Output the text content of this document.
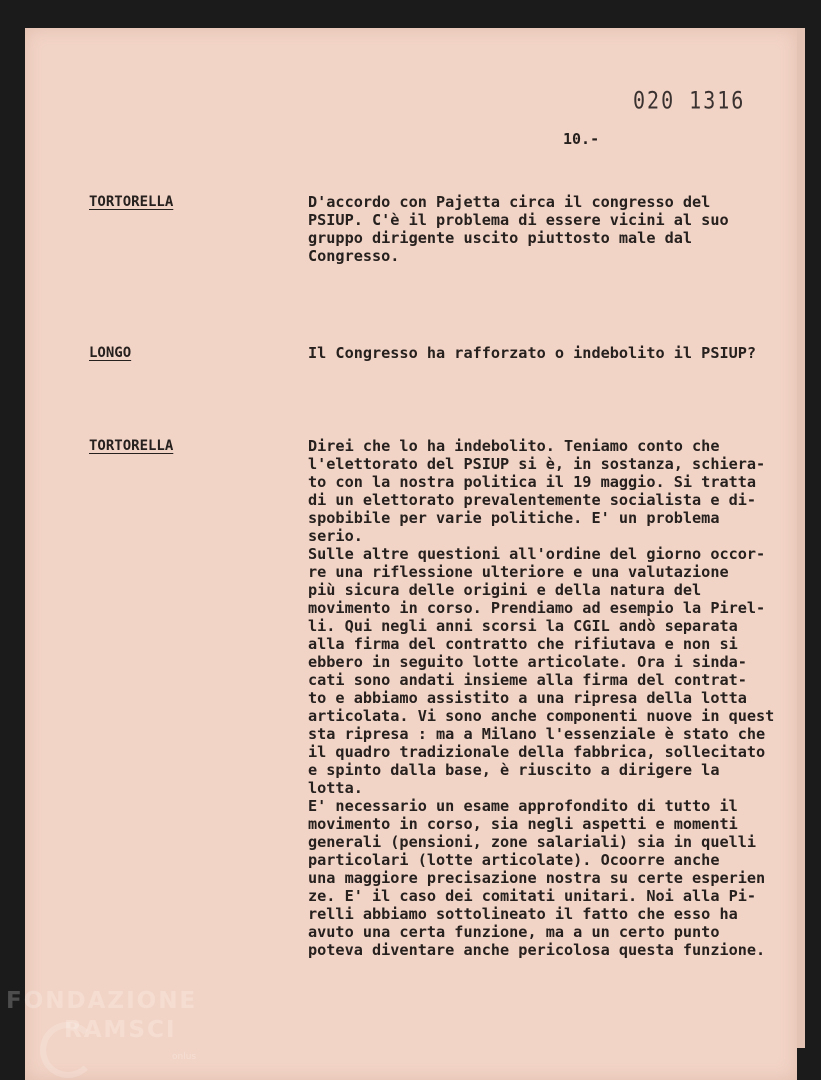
020 1316
10.-
TORTORELLA	D'accordo con Pajetta circa il congresso del
PSIUP. C'è il problema di essere vicini al suo
gruppo dirigente uscito piuttosto male dal
Congresso.
LONGO	Il Congresso ha rafforzato o indebolito il PSIUP?
TORTORELLA	Direi che lo ha indebolito. Teniamo conto che
l'elettorato del PSIUP si è, in sostanza, schiera-
to con la nostra politica il 19 maggio. Si tratta
di un elettorato prevalentemente socialista e di-
spobibile per varie politiche. E' un problema
serio.
Sulle altre questioni all'ordine del giorno occor-
re una riflessione ulteriore e una valutazione
più sicura delle origini e della natura del
movimento in corso. Prendiamo ad esempio la Pirel-
li. Qui negli anni scorsi la CGIL andò separata
alla firma del contratto che rifiutava e non si
ebbero in seguito lotte articolate. Ora i sinda-
cati sono andati insieme alla firma del contrat-
to e abbiamo assistito a una ripresa della lotta
articolata. Vi sono anche componenti nuove in quest
sta ripresa : ma a Milano l'essenziale è stato che
il quadro tradizionale della fabbrica, sollecitato
e spinto dalla base, è riuscito a dirigere la
lotta.
E' necessario un esame approfondito di tutto il
movimento in corso, sia negli aspetti e momenti
generali (pensioni, zone salariali) sia in quelli
particolari (lotte articolate). Ocoorre anche
una maggiore precisazione nostra su certe esperien
ze. E' il caso dei comitati unitari. Noi alla Pi-
relli abbiamo sottolineato il fatto che esso ha
avuto una certa funzione, ma a un certo punto
poteva diventare anche pericolosa questa funzione.
FONDAZIONE
RAMSCI
onlus
